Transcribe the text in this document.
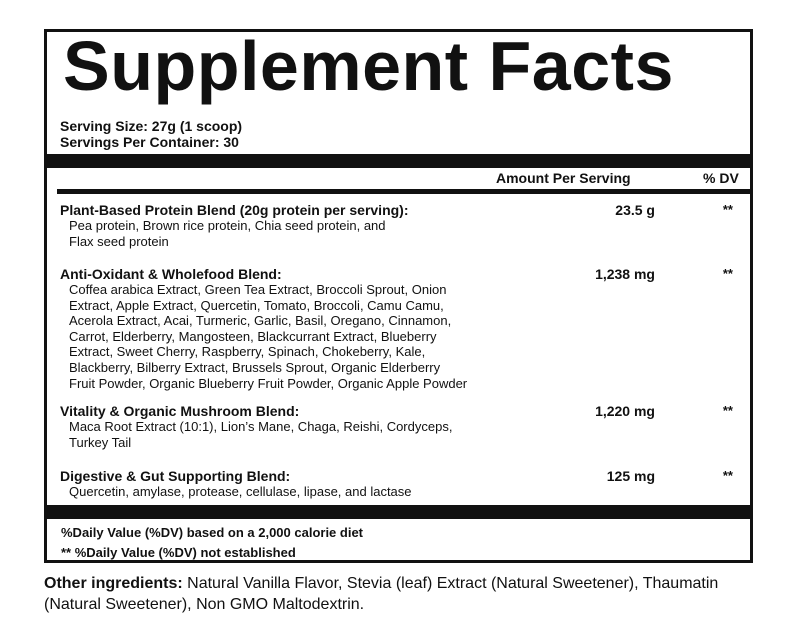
Supplement Facts
Serving Size: 27g (1 scoop)
Servings Per Container: 30
Amount Per Serving	% DV
Plant-Based Protein Blend (20g protein per serving):
Pea protein, Brown rice protein, Chia seed protein, and
Flax seed protein
23.5 g	**
Anti-Oxidant & Wholefood Blend:
Coffea arabica Extract, Green Tea Extract, Broccoli Sprout, Onion
Extract, Apple Extract, Quercetin, Tomato, Broccoli, Camu Camu,
Acerola Extract, Acai, Turmeric, Garlic, Basil, Oregano, Cinnamon,
Carrot, Elderberry, Mangosteen, Blackcurrant Extract, Blueberry
Extract, Sweet Cherry, Raspberry, Spinach, Chokeberry, Kale,
Blackberry, Bilberry Extract, Brussels Sprout, Organic Elderberry
Fruit Powder, Organic Blueberry Fruit Powder, Organic Apple Powder
1,238 mg	**
Vitality & Organic Mushroom Blend:
Maca Root Extract (10:1), Lion’s Mane, Chaga, Reishi, Cordyceps,
Turkey Tail
1,220 mg	**
Digestive & Gut Supporting Blend:
Quercetin, amylase, protease, cellulase, lipase, and lactase
125 mg	**
%Daily Value (%DV) based on a 2,000 calorie diet
** %Daily Value (%DV) not established
Other ingredients: Natural Vanilla Flavor, Stevia (leaf) Extract (Natural Sweetener), Thaumatin (Natural Sweetener), Non GMO Maltodextrin.
